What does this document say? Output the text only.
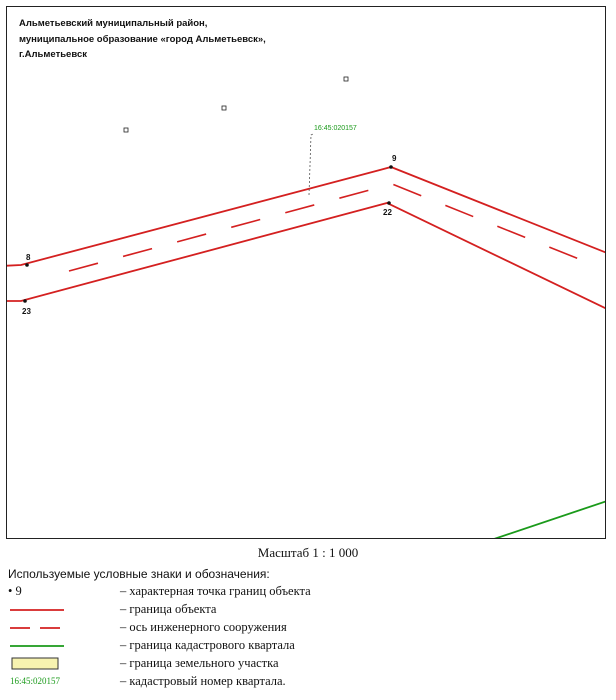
16:45:020157
8
9
22
23
Альметьевский муниципальный район,
муниципальное образование «город Альметьевск»,
г.Альметьевск
Масштаб 1 : 1 000
Используемые условные знаки и обозначения:
• 9	– характерная точка границ объекта
– граница объекта
– ось инженерного сооружения
– граница кадастрового квартала
– граница земельного участка
16:45:020157	– кадастровый номер квартала.
